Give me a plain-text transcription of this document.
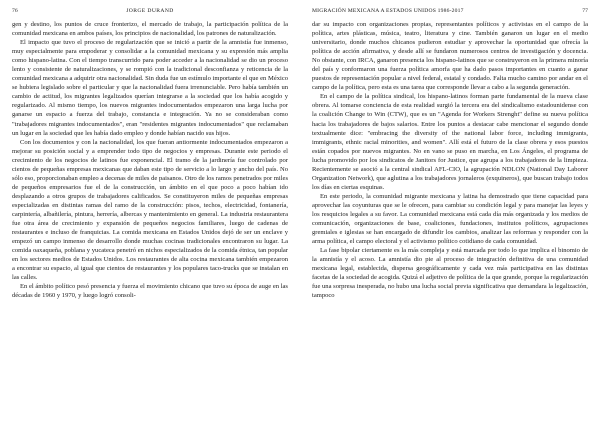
76	JORGE DURAND

gen y destino, los puntos de cruce fronterizo, el mercado de trabajo, la participación política de la comunidad mexicana en ambos países, los principios de nacionalidad, los patrones de naturalización.

El impacto que tuvo el proceso de regularización que se inició a partir de la amnistía fue inmenso, muy especialmente para empoderar y consolidar a la comunidad mexicana y su expresión más amplia como hispano-latina. Con el tiempo transcurrido para poder acceder a la nacionalidad se dio un proceso lento y consistente de naturalizaciones, y se rompió con la tradicional desconfianza y reticencia de la comunidad mexicana a adquirir otra nacionalidad. Sin duda fue un estímulo importante el que en México se hubiera legislado sobre el particular y que la nacionalidad fuera irrenunciable. Pero había también un cambio de actitud, los migrantes legalizados querían integrarse a la sociedad que los había acogido y regularizado. Al mismo tiempo, los nuevos migrantes indocumentados empezaron una larga lucha por ganarse un espacio a fuerza del trabajo, constancia e integración. Ya no se consideraban como "trabajadores migrantes indocumentados", eran "residentes migrantes indocumentados" que reclamaban un lugar en la sociedad que les había dado empleo y donde habían nacido sus hijos.

Con los documentos y con la nacionalidad, los que fueran antiormente indocumentados empezaron a mejorar su posición social y a emprender todo tipo de negocios y empresas. Durante este periodo el crecimiento de los negocios de latinos fue exponencial. El tramo de la jardinería fue controlado por cientos de pequeñas empresas mexicanas que daban este tipo de servicio a lo largo y ancho del país. No sólo eso, proporcionaban empleo a decenas de miles de paisanos. Otro de los ramos penetrados por miles de pequeños empresarios fue el de la construcción, un ámbito en el que poco a poco habían ido desplazando a otros grupos de trabajadores calificados. Se constituyeron miles de pequeñas empresas especializadas en distintas ramas del ramo de la construcción: pisos, techos, electricidad, fontanería, carpintería, albañilería, pintura, herrería, albercas y mantenimiento en general. La industria restaurantera fue otra área de crecimiento y expansión de pequeños negocios familiares, luego de cadenas de restaurantes e incluso de franquicias. La comida mexicana en Estados Unidos dejó de ser un enclave y empezó un campo inmenso de desarrollo donde muchas cocinas tradicionales encontraron su lugar. La comida oaxaqueña, poblana y yucateca penetró en nichos especializados de la comida étnica, tan popular en los sectores medios de Estados Unidos. Los restaurantes de alta cocina mexicana también empezaron a encontrar su espacio, al igual que cientos de restaurantes y los populares taco-trucks que se instalan en las calles.

En el ámbito político pesó presencia y fuerza el movimiento chicano que tuvo su época de auge en las décadas de 1960 y 1970, y luego logró consoli-

MIGRACIÓN MEXICANA A ESTADOS UNIDOS 1986-2017	77

dar su impacto con organizaciones propias, representantes políticos y activistas en el campo de la política, artes plásticas, música, teatro, literatura y cine. También ganaron un lugar en el medio universitario, donde muchos chicanos pudieron estudiar y aprovechar la oportunidad que ofrecía la política de acción afirmativa, y desde allí se fundaron numerosos centros de investigación y docencia. No obstante, con IRCA, ganaron presencia los hispano-latinos que se construyeron en la primera minoría del país y conformaron una fuerza política amorfa que ha dado pasos importantes en cuanto a ganar puestos de representación popular a nivel federal, estatal y condado. Falta mucho camino por andar en el campo de la política, pero esta es una tarea que corresponde llevar a cabo a la segunda generación.

En el campo de la política sindical, los hispano-latinos forman parte fundamental de la nueva clase obrera. Al tomarse conciencia de esta realidad surgió la tercera era del sindicalismo estadounidense con la coalición Change to Win (CTW), que es un "Agenda for Workers Strenght" define su nueva política hacia los trabajadores de bajos salarios. Entre los puntos a destacar cabe mencionar el segundo donde textualmente dice: "embracing the diversity of the national labor force, including immigrants, immigrants, ethnic racial minorities, and women". Allí está el futuro de la clase obrera y esos puestos están copados por nuevos migrantes. No en vano se puso en marcha, en Los Ángeles, el programa de lucha promovido por los sindicatos de Janitors for Justice, que agrupa a los trabajadores de la limpieza. Recientemente se asoció a la central sindical AFL-CIO, la agrupación NDLON (National Day Laborer Organization Network), que aglutina a los trabajadores jornaleros (exquineros), que buscan trabajo todos los días en ciertas esquinas.

En este periodo, la comunidad migrante mexicana y latina ha demostrado que tiene capacidad para aprovechar las coyunturas que se le ofrecen, para cambiar su condición legal y para manejar las leyes y los resquicios legales a su favor. La comunidad mexicana está cada día más organizada y los medios de comunicación, organizaciones de base, coaliciones, fundaciones, institutos políticos, agrupaciones gremiales e iglesias se han encargado de difundir los cambios, analizar las reformas y responder con la arma política, el campo electoral y el activismo político cotidiano de cada comunidad.

La fase bipolar ciertamente es la más compleja y está marcada por todo lo que implica el binomio de la amnistía y el acoso. La amnistía dio pie al proceso de integración definitiva de una comunidad mexicana legal, establecida, dispersa geográficamente y cada vez más participativa en las distintas facetas de la sociedad de acogida. Quizá el adjetivo de política de la que grande, porque la regularización fue una sorpresa inesperada, no hubo una lucha social previa significativa que demandara la legalización, tampoco
